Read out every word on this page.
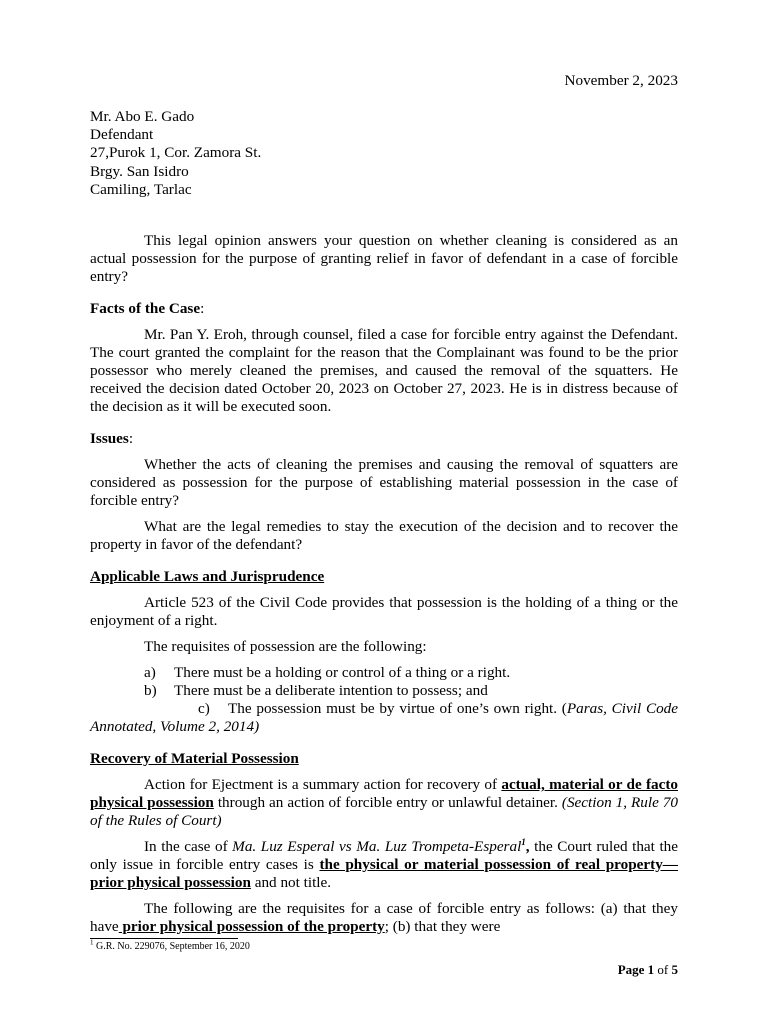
November 2, 2023
Mr. Abo E. Gado
Defendant
27,Purok 1, Cor. Zamora St.
Brgy. San Isidro
Camiling, Tarlac

This legal opinion answers your question on whether cleaning is considered as an actual possession for the purpose of granting relief in favor of defendant in a case of forcible entry?

Facts of the Case:

Mr. Pan Y. Eroh, through counsel, filed a case for forcible entry against the Defendant. The court granted the complaint for the reason that the Complainant was found to be the prior possessor who merely cleaned the premises, and caused the removal of the squatters. He received the decision dated October 20, 2023 on October 27, 2023. He is in distress because of the decision as it will be executed soon.

Issues:

Whether the acts of cleaning the premises and causing the removal of squatters are considered as possession for the purpose of establishing material possession in the case of forcible entry?

What are the legal remedies to stay the execution of the decision and to recover the property in favor of the defendant?

Applicable Laws and Jurisprudence

Article 523 of the Civil Code provides that possession is the holding of a thing or the enjoyment of a right.

The requisites of possession are the following:

a)	There must be a holding or control of a thing or a right.
b)	There must be a deliberate intention to possess; and

c) The possession must be by virtue of one’s own right. (Paras, Civil Code Annotated, Volume 2, 2014)

Recovery of Material Possession

Action for Ejectment is a summary action for recovery of actual, material or de facto physical possession through an action of forcible entry or unlawful detainer. (Section 1, Rule 70 of the Rules of Court)

In the case of Ma. Luz Esperal vs Ma. Luz Trompeta-Esperal$^1$, the Court ruled that the only issue in forcible entry cases is the physical or material possession of real property—prior physical possession and not title.

The following are the requisites for a case of forcible entry as follows: (a) that they have prior physical possession of the property; (b) that they were

$^1$ G.R. No. 229076, September 16, 2020
Page 1 of 5
